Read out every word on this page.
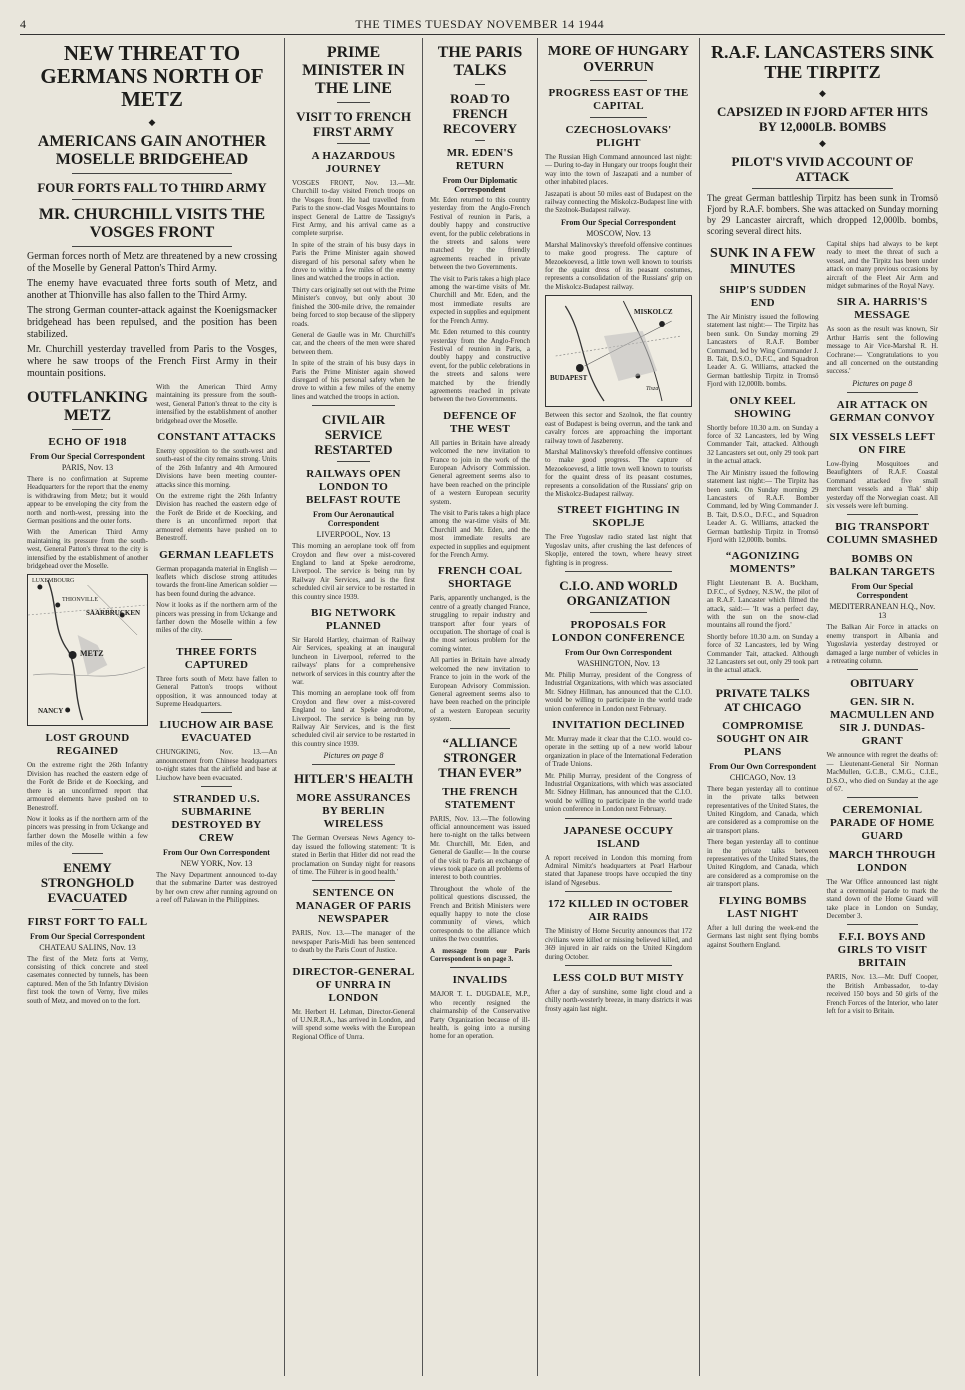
4	THE TIMES TUESDAY NOVEMBER 14 1944
NEW THREAT TO GERMANS NORTH OF METZ
◆
AMERICANS GAIN ANOTHER MOSELLE BRIDGEHEAD
FOUR FORTS FALL TO THIRD ARMY
MR. CHURCHILL VISITS THE VOSGES FRONT

German forces north of Metz are threatened by a new crossing of the Moselle by General Patton's Third Army.

The enemy have evacuated three forts south of Metz, and another at Thionville has also fallen to the Third Army.

The strong German counter-attack against the Koenigsmacker bridgehead has been repulsed, and the position has been stabilized.

Mr. Churchill yesterday travelled from Paris to the Vosges, where he saw troops of the French First Army in their mountain positions.

OUTFLANKING METZ
ECHO OF 1918
From Our Special Correspondent
PARIS, Nov. 13

There is no confirmation at Supreme Headquarters for the report that the enemy is withdrawing from Metz; but it would appear to be enveloping the city from the north and north-west, pressing into the German positions and the outer forts.

With the American Third Army maintaining its pressure from the south-west, General Patton's threat to the city is intensified by the establishment of another bridgehead over the Moselle.

SAARBRUCKEN
METZ
NANCY
THIONVILLE
LUXEMBOURG
LOST GROUND REGAINED

On the extreme right the 26th Infantry Division has reached the eastern edge of the Forêt de Bride et de Koecking, and there is an unconfirmed report that armoured elements have pushed on to Benestroff.

Now it looks as if the northern arm of the pincers was pressing in from Uckange and farther down the Moselle within a few miles of the city.

ENEMY STRONGHOLD EVACUATED
FIRST FORT TO FALL
From Our Special Correspondent
CHATEAU SALINS, Nov. 13

The first of the Metz forts at Verny, consisting of thick concrete and steel casemates connected by tunnels, has been captured. Men of the 5th Infantry Division first took the town of Verny, five miles south of Metz, and moved on to the fort.

With the American Third Army maintaining its pressure from the south-west, General Patton's threat to the city is intensified by the establishment of another bridgehead over the Moselle.

CONSTANT ATTACKS

Enemy opposition to the south-west and south-east of the city remains strong. Units of the 26th Infantry and 4th Armoured Divisions have been meeting counter-attacks since this morning.

On the extreme right the 26th Infantry Division has reached the eastern edge of the Forêt de Bride et de Koecking, and there is an unconfirmed report that armoured elements have pushed on to Benestroff.

GERMAN LEAFLETS

German propaganda material in English — leaflets which disclose strong attitudes towards the front-line American soldier — has been found during the advance.

Now it looks as if the northern arm of the pincers was pressing in from Uckange and farther down the Moselle within a few miles of the city.

THREE FORTS CAPTURED

Three forts south of Metz have fallen to General Patton's troops without opposition, it was announced today at Supreme Headquarters.

LIUCHOW AIR BASE EVACUATED

CHUNGKING, Nov. 13.—An announcement from Chinese headquarters to-night states that the airfield and base at Liuchow have been evacuated.

STRANDED U.S. SUBMARINE DESTROYED BY CREW
From Our Own Correspondent
NEW YORK, Nov. 13

The Navy Department announced to-day that the submarine Darter was destroyed by her own crew after running aground on a reef off Palawan in the Philippines.

PRIME MINISTER IN THE LINE
VISIT TO FRENCH FIRST ARMY
A HAZARDOUS JOURNEY

VOSGES FRONT, Nov. 13.—Mr. Churchill to-day visited French troops on the Vosges front. He had travelled from Paris to the snow-clad Vosges Mountains to inspect General de Lattre de Tassigny's First Army, and his arrival came as a complete surprise.

In spite of the strain of his busy days in Paris the Prime Minister again showed disregard of his personal safety when he drove to within a few miles of the enemy lines and watched the troops in action.

Thirty cars originally set out with the Prime Minister's convoy, but only about 30 finished the 300-mile drive, the remainder being forced to stop because of the slippery roads.

General de Gaulle was in Mr. Churchill's car, and the cheers of the men were shared between them.

In spite of the strain of his busy days in Paris the Prime Minister again showed disregard of his personal safety when he drove to within a few miles of the enemy lines and watched the troops in action.

CIVIL AIR SERVICE RESTARTED
RAILWAYS OPEN LONDON TO BELFAST ROUTE
From Our Aeronautical Correspondent
LIVERPOOL, Nov. 13

This morning an aeroplane took off from Croydon and flew over a mist-covered England to land at Speke aerodrome, Liverpool. The service is being run by Railway Air Services, and is the first scheduled civil air service to be restarted in this country since 1939.

BIG NETWORK PLANNED

Sir Harold Hartley, chairman of Railway Air Services, speaking at an inaugural luncheon in Liverpool, referred to the railways' plans for a comprehensive network of services in this country after the war.

This morning an aeroplane took off from Croydon and flew over a mist-covered England to land at Speke aerodrome, Liverpool. The service is being run by Railway Air Services, and is the first scheduled civil air service to be restarted in this country since 1939.

Pictures on page 8
HITLER'S HEALTH
MORE ASSURANCES BY BERLIN WIRELESS

The German Overseas News Agency to-day issued the following statement: 'It is stated in Berlin that Hitler did not read the proclamation on Sunday night for reasons of time. The Führer is in good health.'

SENTENCE ON MANAGER OF PARIS NEWSPAPER

PARIS, Nov. 13.—The manager of the newspaper Paris-Midi has been sentenced to death by the Paris Court of Justice.

DIRECTOR-GENERAL OF UNRRA IN LONDON

Mr. Herbert H. Lehman, Director-General of U.N.R.R.A., has arrived in London, and will spend some weeks with the European Regional Office of Unrra.

THE PARIS TALKS
ROAD TO FRENCH RECOVERY
MR. EDEN'S RETURN
From Our Diplomatic Correspondent

Mr. Eden returned to this country yesterday from the Anglo-French Festival of reunion in Paris, a doubly happy and constructive event, for the public celebrations in the streets and salons were matched by the friendly agreements reached in private between the two Governments.

The visit to Paris takes a high place among the war-time visits of Mr. Churchill and Mr. Eden, and the most immediate results are expected in supplies and equipment for the French Army.

Mr. Eden returned to this country yesterday from the Anglo-French Festival of reunion in Paris, a doubly happy and constructive event, for the public celebrations in the streets and salons were matched by the friendly agreements reached in private between the two Governments.

DEFENCE OF THE WEST

All parties in Britain have already welcomed the new invitation to France to join in the work of the European Advisory Commission. General agreement seems also to have been reached on the principle of a western European security system.

The visit to Paris takes a high place among the war-time visits of Mr. Churchill and Mr. Eden, and the most immediate results are expected in supplies and equipment for the French Army.

FRENCH COAL SHORTAGE

Paris, apparently unchanged, is the centre of a greatly changed France, struggling to repair industry and transport after four years of occupation. The shortage of coal is the most serious problem for the coming winter.

All parties in Britain have already welcomed the new invitation to France to join in the work of the European Advisory Commission. General agreement seems also to have been reached on the principle of a western European security system.

“ALLIANCE STRONGER THAN EVER”
THE FRENCH STATEMENT

PARIS, Nov. 13.—The following official announcement was issued here to-night on the talks between Mr. Churchill, Mr. Eden, and General de Gaulle:— In the course of the visit to Paris an exchange of views took place on all problems of interest to both countries.

Throughout the whole of the political questions discussed, the French and British Ministers were equally happy to note the close community of views, which corresponds to the alliance which unites the two countries.

A message from our Paris Correspondent is on page 3.

INVALIDS

MAJOR T. L. DUGDALE, M.P., who recently resigned the chairmanship of the Conservative Party Organization because of ill-health, is going into a nursing home for an operation.

MORE OF HUNGARY OVERRUN
PROGRESS EAST OF THE CAPITAL
CZECHOSLOVAKS' PLIGHT

The Russian High Command announced last night:— During to-day in Hungary our troops fought their way into the town of Jaszapati and a number of other inhabited places.

Jaszapati is about 50 miles east of Budapest on the railway connecting the Miskolcz-Budapest line with the Szolnok-Budapest railway.

From Our Special Correspondent
MOSCOW, Nov. 13

Marshal Malinovsky's threefold offensive continues to make good progress. The capture of Mezoekoevesd, a little town well known to tourists for the quaint dress of its peasant costumes, represents a consolidation of the Russians' grip on the Miskolcz-Budapest railway.

MISKOLCZ
BUDAPEST
Tisza

Between this sector and Szolnok, the flat country east of Budapest is being overrun, and the tank and cavalry forces are approaching the important railway town of Jaszbereny.

Marshal Malinovsky's threefold offensive continues to make good progress. The capture of Mezoekoevesd, a little town well known to tourists for the quaint dress of its peasant costumes, represents a consolidation of the Russians' grip on the Miskolcz-Budapest railway.

STREET FIGHTING IN SKOPLJE

The Free Yugoslav radio stated last night that Yugoslav units, after crushing the last defences of Skoplje, entered the town, where heavy street fighting is in progress.

C.I.O. AND WORLD ORGANIZATION
PROPOSALS FOR LONDON CONFERENCE
From Our Own Correspondent
WASHINGTON, Nov. 13

Mr. Philip Murray, president of the Congress of Industrial Organizations, with which was associated Mr. Sidney Hillman, has announced that the C.I.O. would be willing to participate in the world trade union conference in London next February.

INVITATION DECLINED

Mr. Murray made it clear that the C.I.O. would co-operate in the setting up of a new world labour organization in place of the International Federation of Trade Unions.

Mr. Philip Murray, president of the Congress of Industrial Organizations, with which was associated Mr. Sidney Hillman, has announced that the C.I.O. would be willing to participate in the world trade union conference in London next February.

JAPANESE OCCUPY ISLAND

A report received in London this morning from Admiral Nimitz's headquarters at Pearl Harbour stated that Japanese troops have occupied the tiny island of Ngesebus.

172 KILLED IN OCTOBER AIR RAIDS

The Ministry of Home Security announces that 172 civilians were killed or missing believed killed, and 369 injured in air raids on the United Kingdom during October.

LESS COLD BUT MISTY

After a day of sunshine, some light cloud and a chilly north-westerly breeze, in many districts it was frosty again last night.

R.A.F. LANCASTERS SINK THE TIRPITZ
◆
CAPSIZED IN FJORD AFTER HITS BY 12,000LB. BOMBS
◆
PILOT'S VIVID ACCOUNT OF ATTACK

The great German battleship Tirpitz has been sunk in Tromsö Fjord by R.A.F. bombers. She was attacked on Sunday morning by 29 Lancaster aircraft, which dropped 12,000lb. bombs, scoring several direct hits.

SUNK IN A FEW MINUTES
SHIP'S SUDDEN END

The Air Ministry issued the following statement last night:— The Tirpitz has been sunk. On Sunday morning 29 Lancasters of R.A.F. Bomber Command, led by Wing Commander J. B. Tait, D.S.O., D.F.C., and Squadron Leader A. G. Williams, attacked the German battleship Tirpitz in Tromsö Fjord with 12,000lb. bombs.

ONLY KEEL SHOWING

Shortly before 10.30 a.m. on Sunday a force of 32 Lancasters, led by Wing Commander Tait, attacked. Although 32 Lancasters set out, only 29 took part in the actual attack.

The Air Ministry issued the following statement last night:— The Tirpitz has been sunk. On Sunday morning 29 Lancasters of R.A.F. Bomber Command, led by Wing Commander J. B. Tait, D.S.O., D.F.C., and Squadron Leader A. G. Williams, attacked the German battleship Tirpitz in Tromsö Fjord with 12,000lb. bombs.

“AGONIZING MOMENTS”

Flight Lieutenant B. A. Buckham, D.F.C., of Sydney, N.S.W., the pilot of an R.A.F. Lancaster which filmed the attack, said:— 'It was a perfect day, with the sun on the snow-clad mountains all round the fjord.'

Shortly before 10.30 a.m. on Sunday a force of 32 Lancasters, led by Wing Commander Tait, attacked. Although 32 Lancasters set out, only 29 took part in the actual attack.

PRIVATE TALKS AT CHICAGO
COMPROMISE SOUGHT ON AIR PLANS
From Our Own Correspondent
CHICAGO, Nov. 13

There began yesterday all to continue in the private talks between representatives of the United States, the United Kingdom, and Canada, which are considered as a compromise on the air transport plans.

There began yesterday all to continue in the private talks between representatives of the United States, the United Kingdom, and Canada, which are considered as a compromise on the air transport plans.

FLYING BOMBS LAST NIGHT

After a lull during the week-end the Germans last night sent flying bombs against Southern England.

Capital ships had always to be kept ready to meet the threat of such a vessel, and the Tirpitz has been under attack on many previous occasions by aircraft of the Fleet Air Arm and midget submarines of the Royal Navy.

SIR A. HARRIS'S MESSAGE

As soon as the result was known, Sir Arthur Harris sent the following message to Air Vice-Marshal R. H. Cochrane:— 'Congratulations to you and all concerned on the outstanding success.'

Pictures on page 8
AIR ATTACK ON GERMAN CONVOY
SIX VESSELS LEFT ON FIRE

Low-flying Mosquitoes and Beaufighters of R.A.F. Coastal Command attacked five small merchant vessels and a 'flak' ship yesterday off the Norwegian coast. All six vessels were left burning.

BIG TRANSPORT COLUMN SMASHED
BOMBS ON BALKAN TARGETS
From Our Special Correspondent
MEDITERRANEAN H.Q., Nov. 13

The Balkan Air Force in attacks on enemy transport in Albania and Yugoslavia yesterday destroyed or damaged a large number of vehicles in a retreating column.

OBITUARY
GEN. SIR N. MACMULLEN AND SIR J. DUNDAS-GRANT

We announce with regret the deaths of:— Lieutenant-General Sir Norman MacMullen, G.C.B., C.M.G., C.I.E., D.S.O., who died on Sunday at the age of 67.

CEREMONIAL PARADE OF HOME GUARD
MARCH THROUGH LONDON

The War Office announced last night that a ceremonial parade to mark the stand down of the Home Guard will take place in London on Sunday, December 3.

F.F.I. BOYS AND GIRLS TO VISIT BRITAIN

PARIS, Nov. 13.—Mr. Duff Cooper, the British Ambassador, to-day received 150 boys and 50 girls of the French Forces of the Interior, who later left for a visit to Britain.
